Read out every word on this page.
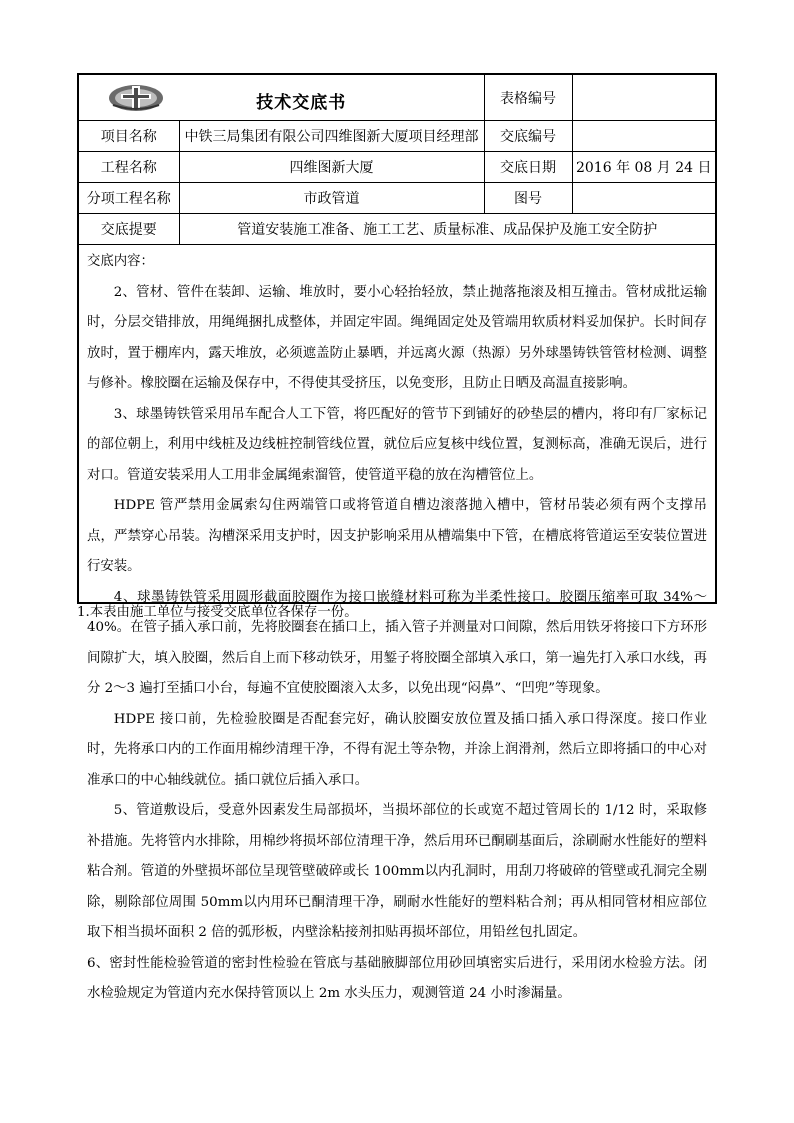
技术交底书		表格编号	
项目名称	中铁三局集团有限公司四维图新大厦项目经理部	交底编号	
工程名称	四维图新大厦	交底日期	2016 年 08 月 24 日
分项工程名称	市政管道	图号	
交底提要	管道安装施工准备、施工工艺、质量标准、成品保护及施工安全防护		

交底内容：

2、管材、管件在装卸、运输、堆放时，要小心轻抬轻放，禁止抛落拖滚及相互撞击。管材成批运输时，分层交错排放，用绳绳捆扎成整体，并固定牢固。绳绳固定处及管端用软质材料妥加保护。长时间存放时，置于棚库内，露天堆放，必须遮盖防止暴晒，并远离火源（热源）另外球墨铸铁管管材检测、调整与修补。橡胶圈在运输及保存中，不得使其受挤压，以免变形，且防止日晒及高温直接影响。

3、球墨铸铁管采用吊车配合人工下管，将匹配好的管节下到铺好的砂垫层的槽内，将印有厂家标记的部位朝上，利用中线桩及边线桩控制管线位置，就位后应复核中线位置，复测标高，准确无误后，进行对口。管道安装采用人工用非金属绳索溜管，使管道平稳的放在沟槽管位上。

HDPE 管严禁用金属索勾住两端管口或将管道自槽边滚落抛入槽中，管材吊装必须有两个支撑吊点，严禁穿心吊装。沟槽深采用支护时，因支护影响采用从槽端集中下管，在槽底将管道运至安装位置进行安装。

4、球墨铸铁管采用圆形截面胶圈作为接口嵌缝材料可称为半柔性接口。胶圈压缩率可取 34%～40%。在管子插入承口前，先将胶圈套在插口上，插入管子并测量对口间隙，然后用铁牙将接口下方环形间隙扩大，填入胶圈，然后自上而下移动铁牙，用錾子将胶圈全部填入承口，第一遍先打入承口水线，再分 2～3 遍打至插口小台，每遍不宜使胶圈滚入太多，以免出现“闷鼻”、“凹兜”等现象。

HDPE 接口前，先检验胶圈是否配套完好，确认胶圈安放位置及插口插入承口得深度。接口作业时，先将承口内的工作面用棉纱清理干净，不得有泥土等杂物，并涂上润滑剂，然后立即将插口的中心对准承口的中心轴线就位。插口就位后插入承口。

5、管道敷设后，受意外因素发生局部损坏，当损坏部位的长或宽不超过管周长的 1/12 时，采取修补措施。先将管内水排除，用棉纱将损坏部位清理干净，然后用环已酮刷基面后，涂刷耐水性能好的塑料粘合剂。管道的外壁损坏部位呈现管壁破碎或长 100mm以内孔洞时，用刮刀将破碎的管壁或孔洞完全剔除，剔除部位周围 50mm以内用环已酮清理干净，刷耐水性能好的塑料粘合剂；再从相同管材相应部位取下相当损坏面积 2 倍的弧形板，内壁涂粘接剂扣贴再损坏部位，用铅丝包扎固定。

6、密封性能检验管道的密封性检验在管底与基础腋脚部位用砂回填密实后进行，采用闭水检验方法。闭水检验规定为管道内充水保持管顶以上 2m 水头压力，观测管道 24 小时渗漏量。

1.本表由施工单位与接受交底单位各保存一份。
